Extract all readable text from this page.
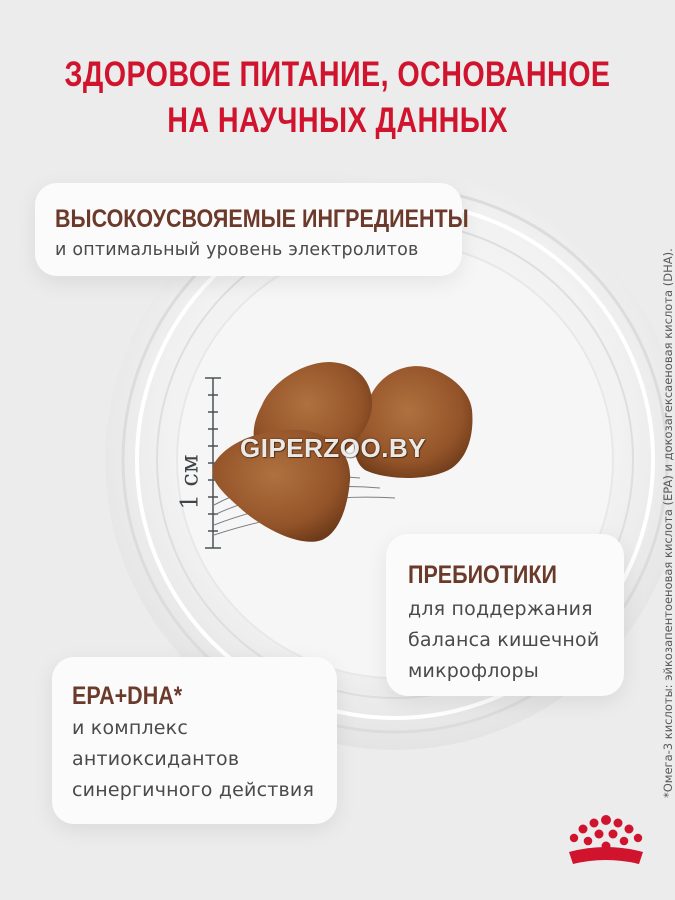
1 см
GIPERZOO.BY
ЗДОРОВОЕ ПИТАНИЕ, ОСНОВАННОЕ
НА НАУЧНЫХ ДАННЫХ
ВЫСОКОУСВОЯЕМЫЕ ИНГРЕДИЕНТЫ
и оптимальный уровень электролитов
ПРЕБИОТИКИ
для поддержания
баланса кишечной
микрофлоры
EPA+DHA*
и комплекс
антиоксидантов
синергичного действия	*Омега-3 кислоты: эйкозапентоеновая кислота (EPA) и докозагексаеновая кислота (DHA).
